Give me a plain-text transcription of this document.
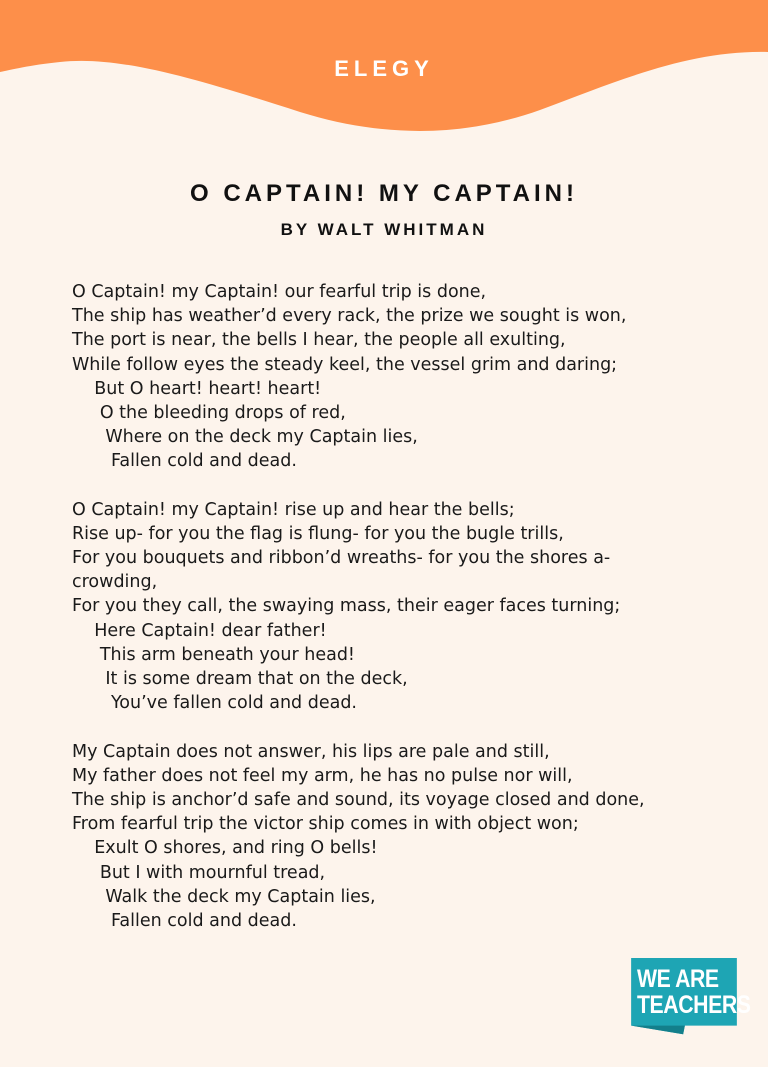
ELEGY
O CAPTAIN! MY CAPTAIN!
BY WALT WHITMAN
O Captain! my Captain! our fearful trip is done,
The ship has weather’d every rack, the prize we sought is won,
The port is near, the bells I hear, the people all exulting,
While follow eyes the steady keel, the vessel grim and daring;
But O heart! heart! heart!
O the bleeding drops of red,
Where on the deck my Captain lies,
Fallen cold and dead.
O Captain! my Captain! rise up and hear the bells;
Rise up- for you the flag is flung- for you the bugle trills,
For you bouquets and ribbon’d wreaths- for you the shores a-
crowding,
For you they call, the swaying mass, their eager faces turning;
Here Captain! dear father!
This arm beneath your head!
It is some dream that on the deck,
You’ve fallen cold and dead.
My Captain does not answer, his lips are pale and still,
My father does not feel my arm, he has no pulse nor will,
The ship is anchor’d safe and sound, its voyage closed and done,
From fearful trip the victor ship comes in with object won;
Exult O shores, and ring O bells!
But I with mournful tread,
Walk the deck my Captain lies,
Fallen cold and dead.
WE ARE
TEACHERS
